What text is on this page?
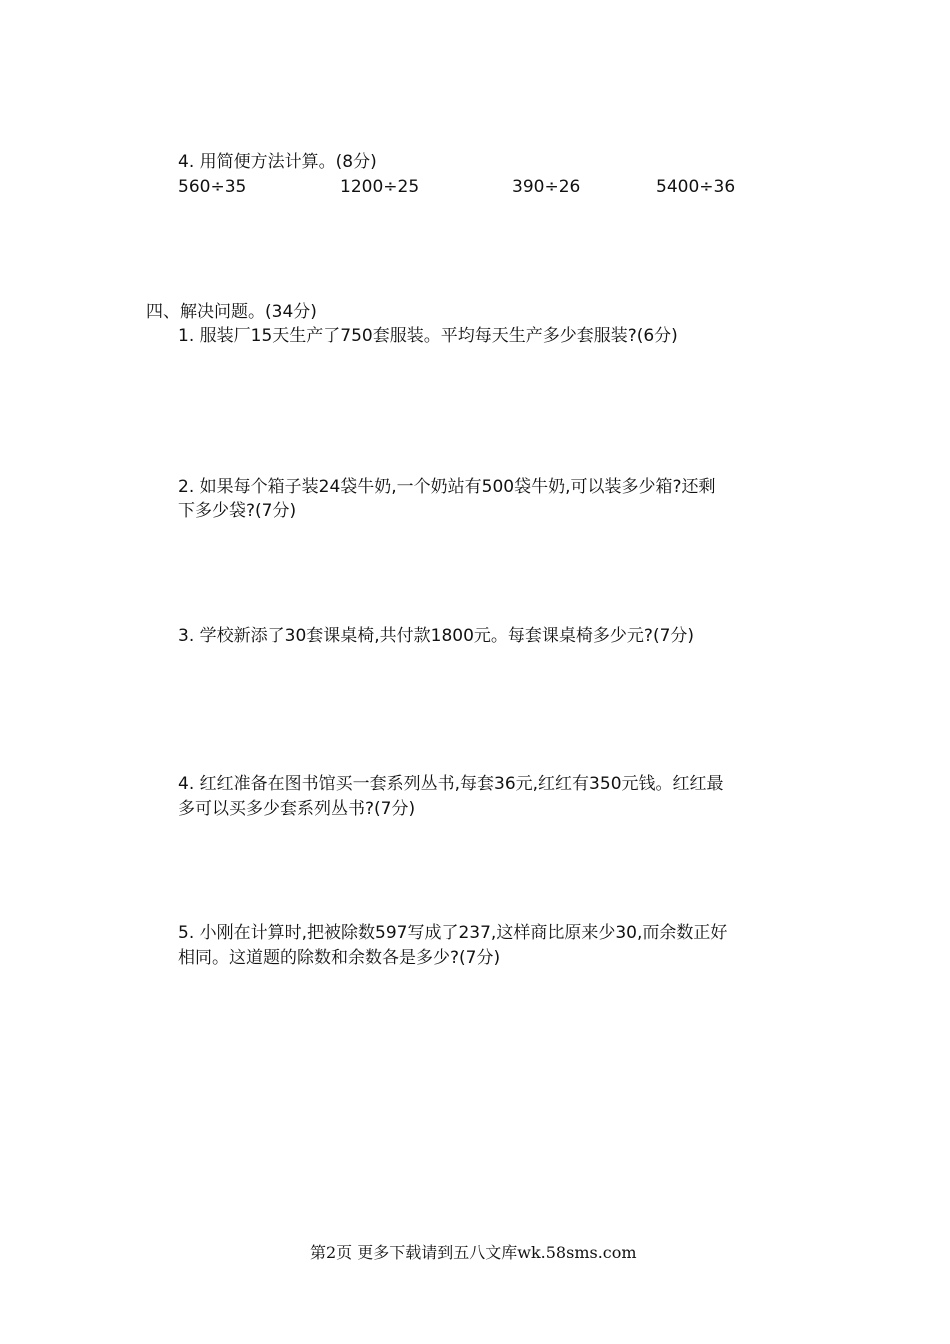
4. 用简便方法计算。(8分)
560÷35	1200÷25	390÷26	5400÷36
四、解决问题。(34分)
1. 服装厂15天生产了750套服装。平均每天生产多少套服装?(6分)
2. 如果每个箱子装24袋牛奶,一个奶站有500袋牛奶,可以装多少箱?还剩
下多少袋?(7分)
3. 学校新添了30套课桌椅,共付款1800元。每套课桌椅多少元?(7分)
4. 红红准备在图书馆买一套系列丛书,每套36元,红红有350元钱。红红最
多可以买多少套系列丛书?(7分)
5. 小刚在计算时,把被除数597写成了237,这样商比原来少30,而余数正好
相同。这道题的除数和余数各是多少?(7分)
第2页 更多下载请到五八文库wk.58sms.com
